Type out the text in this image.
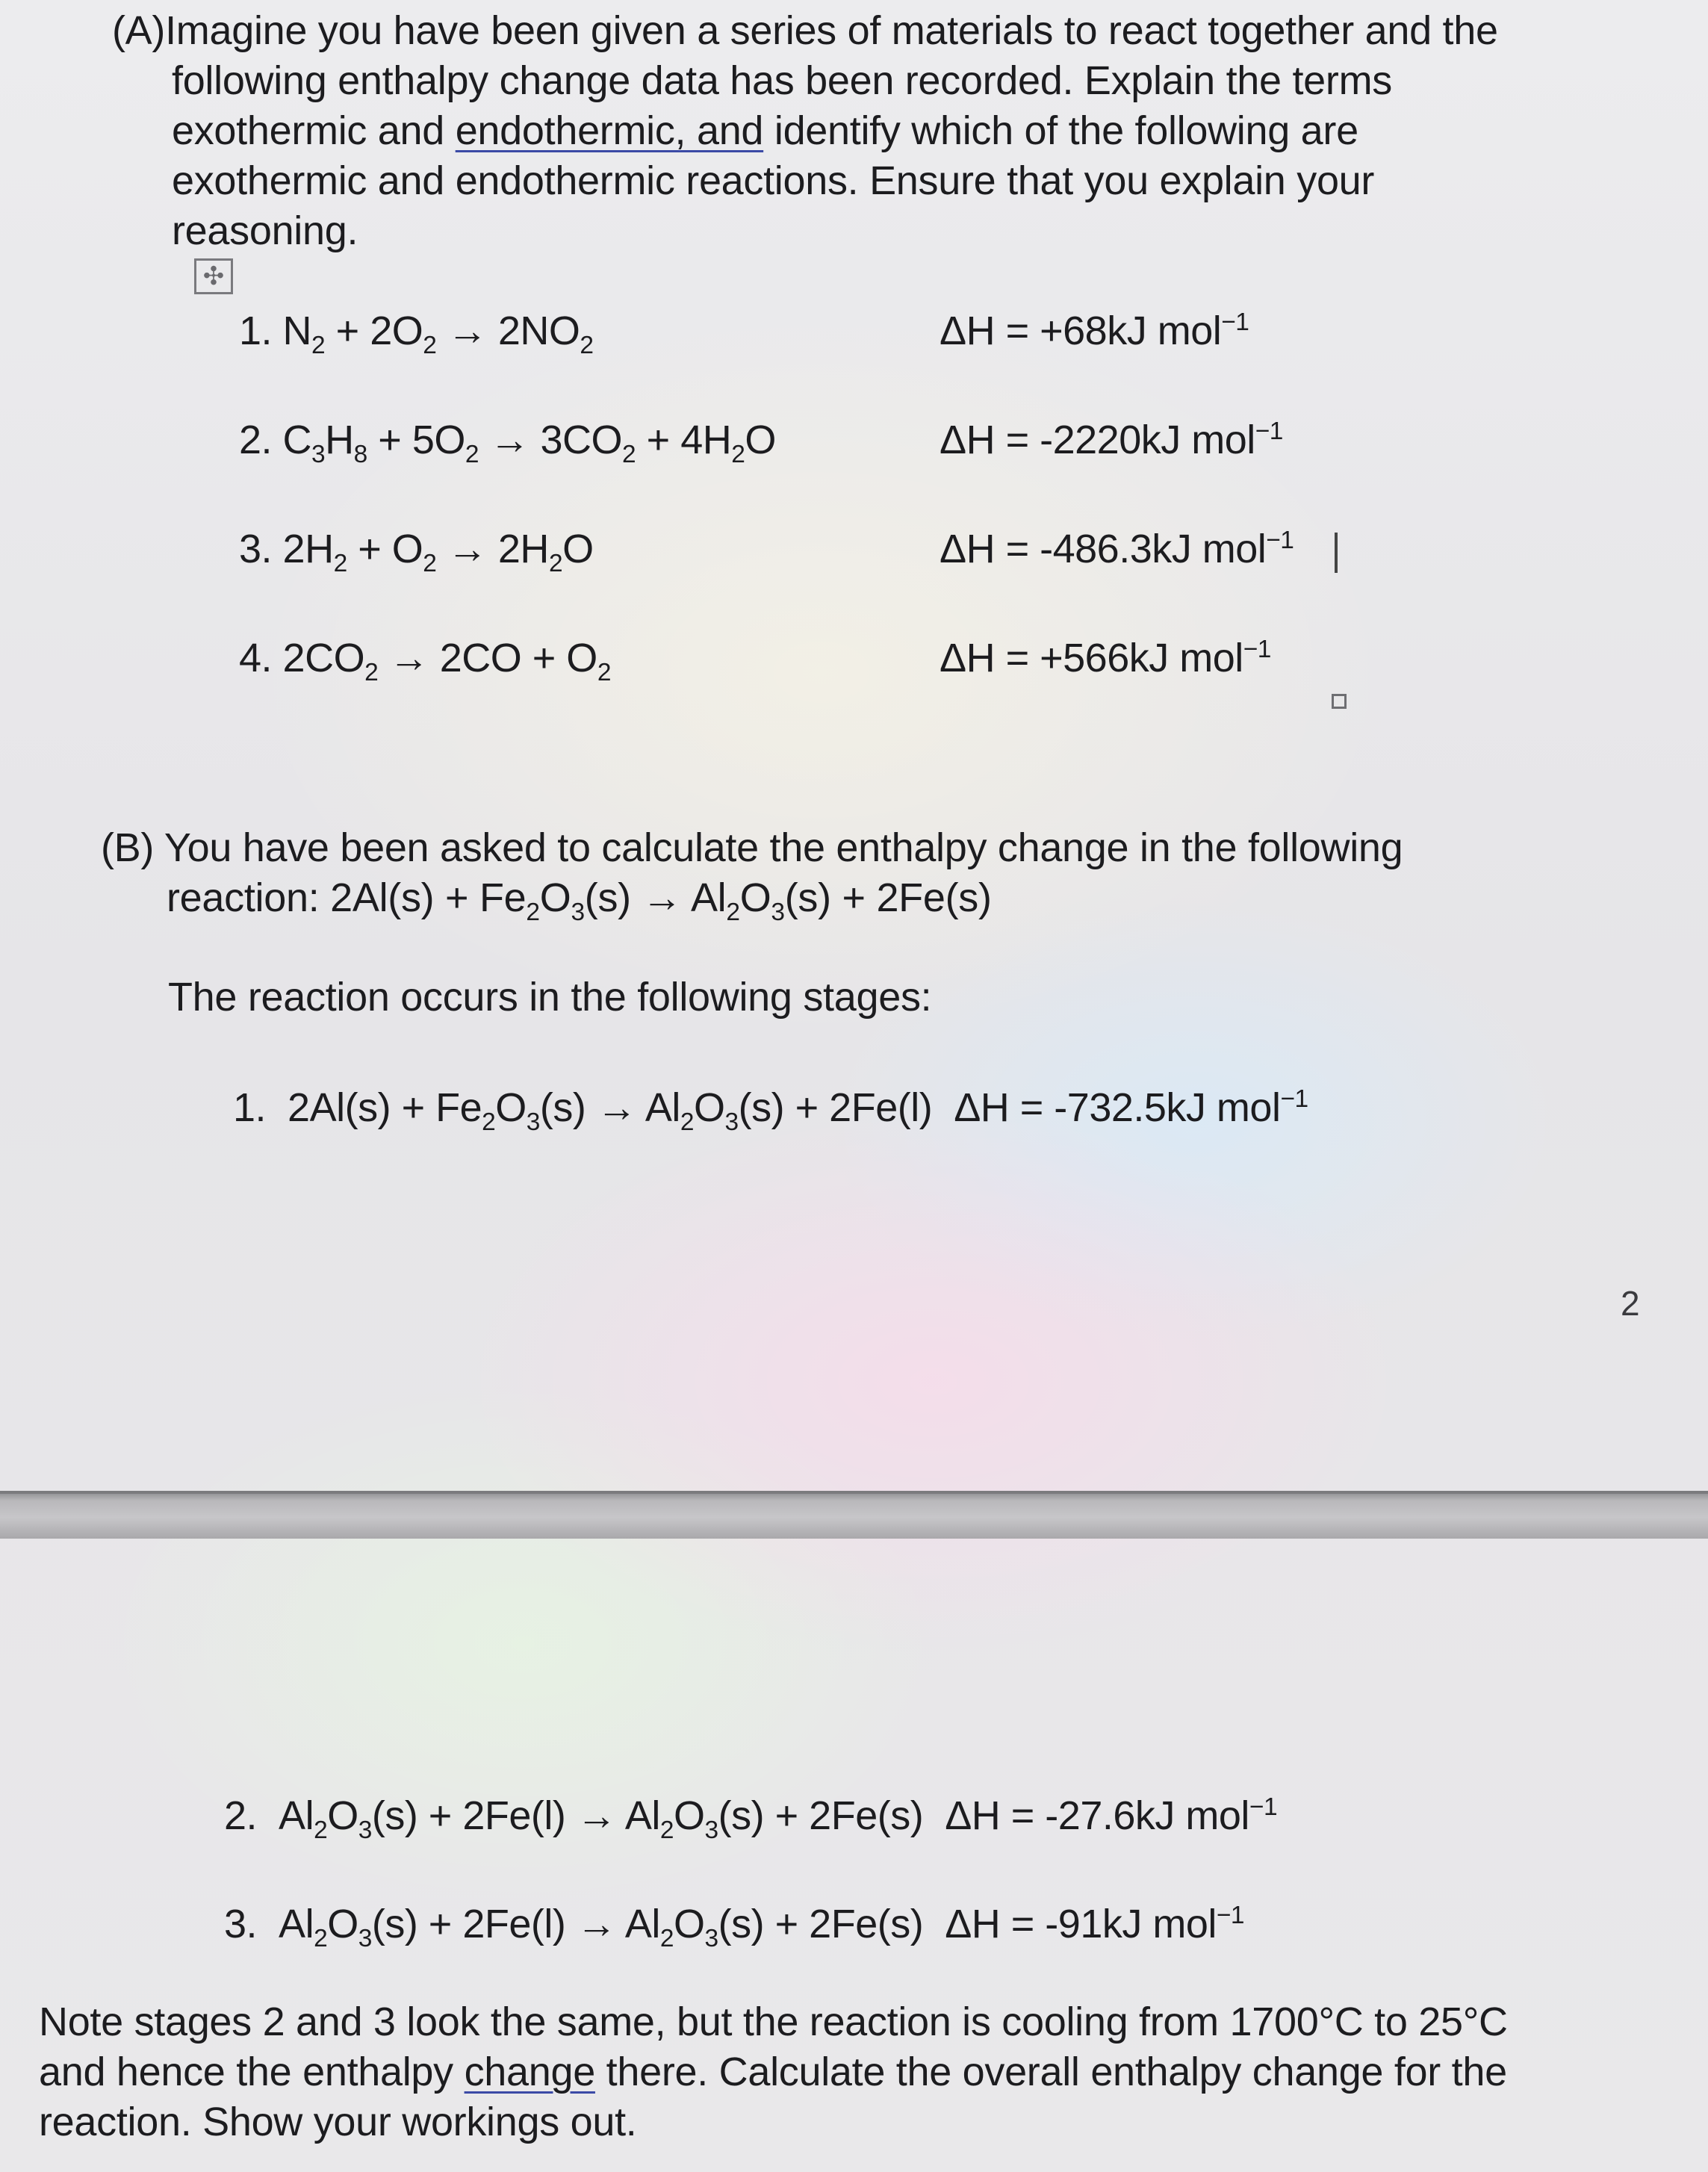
(A)Imagine you have been given a series of materials to react together and the
following enthalpy change data has been recorded. Explain the terms
exothermic and endothermic, and identify which of the following are
exothermic and endothermic reactions. Ensure that you explain your
reasoning.
✣
1. $N_2 + 2O_2 \to 2NO_2$	ΔH = +68kJ mol$^{-1}$
2. $C_3H_8 + 5O_2 \to 3CO_2 + 4H_2O$	ΔH = -2220kJ mol$^{-1}$
3. $2H_2 + O_2 \to 2H_2O$	ΔH = -486.3kJ mol$^{-1}$
4. $2CO_2 \to 2CO + O_2$	ΔH = +566kJ mol$^{-1}$
(B) You have been asked to calculate the enthalpy change in the following
reaction: $2Al(s) + Fe_2O_3(s) \to Al_2O_3(s) + 2Fe(s)$
The reaction occurs in the following stages:
1.  $2Al(s) + Fe_2O_3(s) \to Al_2O_3(s) + 2Fe(l) \Delta H = -732.5kJ$ mol$^{-1}$
2
2.  $Al_2O_3(s) + 2Fe(l) \to Al_2O_3(s) + 2Fe(s) \Delta H = -27.6kJ$ mol$^{-1}$
3.  $Al_2O_3(s) + 2Fe(l) \to Al_2O_3(s) + 2Fe(s) \Delta H = -91kJ$ mol$^{-1}$
Note stages 2 and 3 look the same, but the reaction is cooling from 1700°C to 25°C
and hence the enthalpy change there. Calculate the overall enthalpy change for the
reaction. Show your workings out.
